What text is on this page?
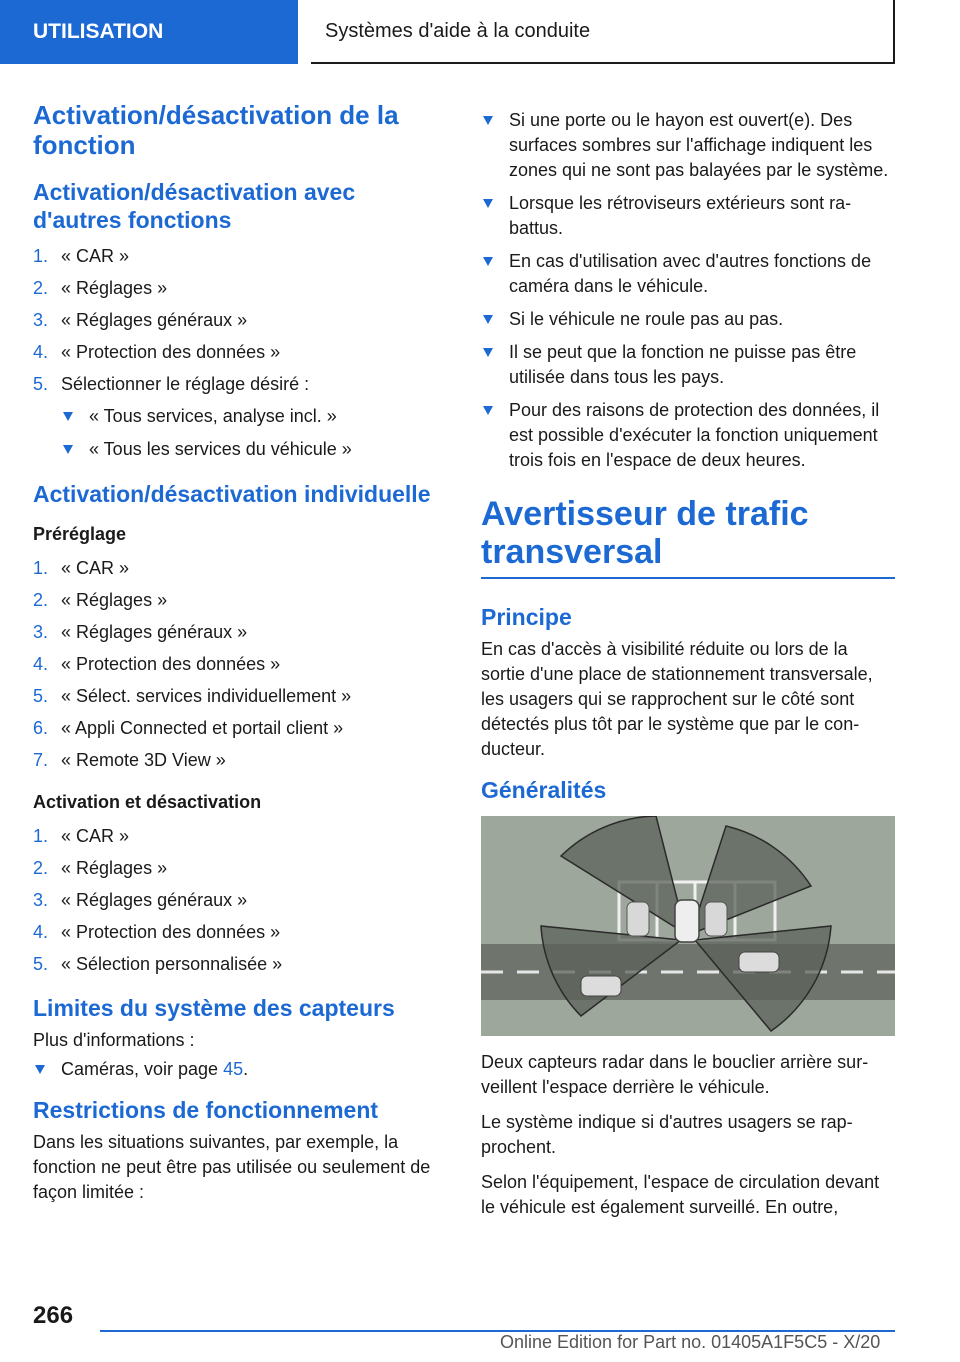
UTILISATION	Systèmes d'aide à la conduite
Activation/désactivation de la fonction
Activation/désactivation avec d'autres fonctions
1. « CAR »
2. « Réglages »
3. « Réglages généraux »
4. « Protection des données »
5. Sélectionner le réglage désiré :
« Tous services, analyse incl. »
« Tous les services du véhicule »
Activation/désactivation individuelle
Préréglage
1. « CAR »
2. « Réglages »
3. « Réglages généraux »
4. « Protection des données »
5. « Sélect. services individuellement »
6. « Appli Connected et portail client »
7. « Remote 3D View »
Activation et désactivation
1. « CAR »
2. « Réglages »
3. « Réglages généraux »
4. « Protection des données »
5. « Sélection personnalisée »
Limites du système des capteurs

Plus d'informations :

Caméras, voir page 45.
Restrictions de fonctionnement

Dans les situations suivantes, par exemple, la fonction ne peut être pas utilisée ou seulement de façon limitée :

Si une porte ou le hayon est ouvert(e). Des surfaces sombres sur l'affichage indiquent les zones qui ne sont pas balayées par le système.
Lorsque les rétroviseurs extérieurs sont rabattus.
En cas d'utilisation avec d'autres fonctions de caméra dans le véhicule.
Si le véhicule ne roule pas au pas.
Il se peut que la fonction ne puisse pas être utilisée dans tous les pays.
Pour des raisons de protection des données, il est possible d'exécuter la fonction uniquement trois fois en l'espace de deux heures.
Avertisseur de trafic transversal
Principe

En cas d'accès à visibilité réduite ou lors de la sortie d'une place de stationnement transversale, les usagers qui se rapprochent sur le côté sont détectés plus tôt par le système que par le conducteur.

Généralités

Deux capteurs radar dans le bouclier arrière surveillent l'espace derrière le véhicule.

Le système indique si d'autres usagers se rapprochent.

Selon l'équipement, l'espace de circulation devant le véhicule est également surveillé. En outre,

266
Online Edition for Part no. 01405A1F5C5 - X/20
